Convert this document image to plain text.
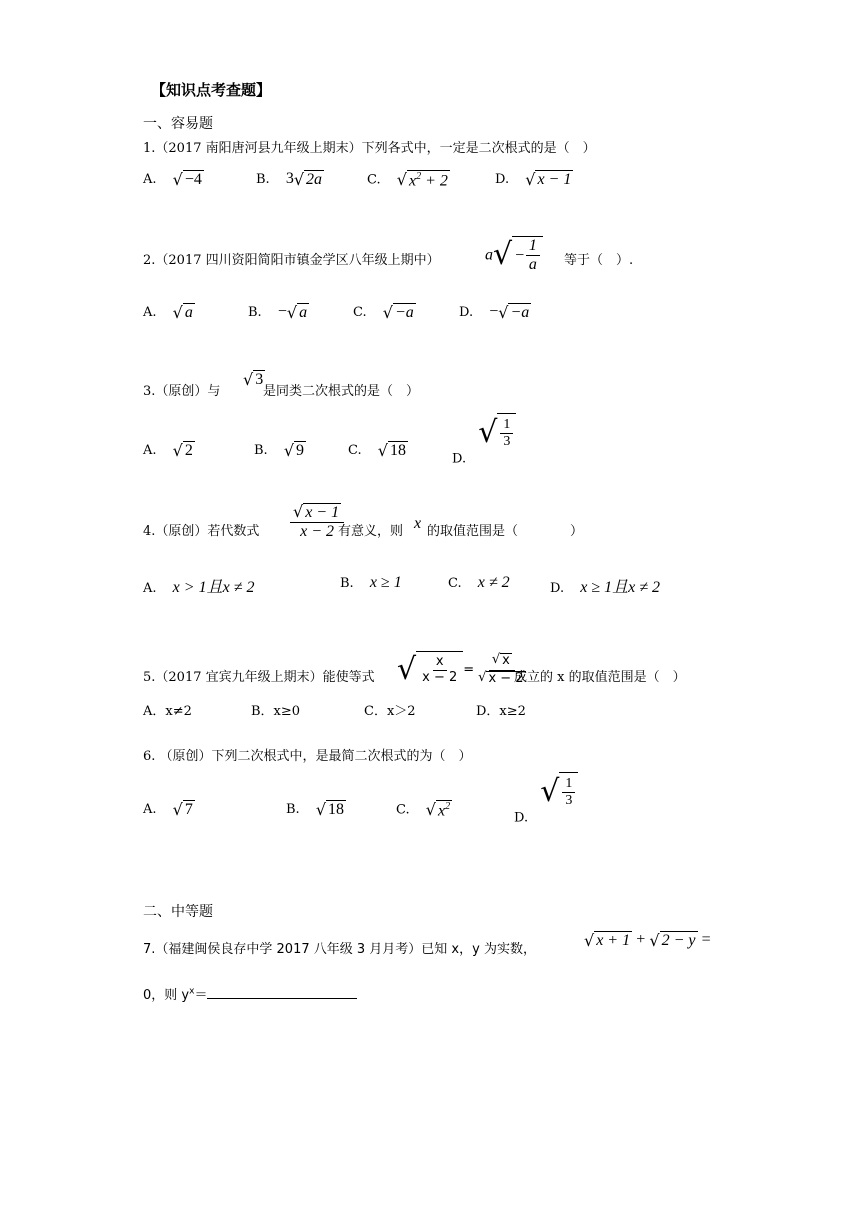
【知识点考查题】
一、容易题
1.（2017 南阳唐河县九年级上期末）下列各式中，一定是二次根式的是（　）
A. √ −4	B. 3 √ 2a	C. √ $x^2 + 2$	D. √ x − 1
2.（2017 四川资阳简阳市镇金学区八年级上期中）	a √ − $\frac{1}{a}$ 等于（　）.
A. √ a	B. − √ a	C. √ −a	D. − √ −a
3.（原创）与
√ 3
是同类二次根式的是（　）
A. √ 2	B. √ 9	C. √ 18	D.
√ $\frac{1}{3}$
4.（原创）若代数式 $\frac{√ x - 1}{x - 2}$
有意义，则 x 的取值范围是（　　　　）
A. x > 1且x ≠ 2	B. x ≥ 1	C. x ≠ 2	D. x ≥ 1且x ≠ 2
5.（2017 宜宾九年级上期末）能使等式 √ $\frac{x}{x - 2} = \frac{√ x}{√ x - 2}$
成立的 x 的取值范围是（　）
A．x≠2	B．x≥0	C．x＞2	D．x≥2
6. （原创）下列二次根式中，是最简二次根式的为（　）
A. √ 7	B. √ 18	C. √ $x^2$
D.
√ $\frac{1}{3}$
二、中等题
7.（福建闽侯良存中学 2017 八年级 3 月月考）已知 x，y 为实数，	√ x + 1 + √ 2 − y =
0，则 $y^x=$
